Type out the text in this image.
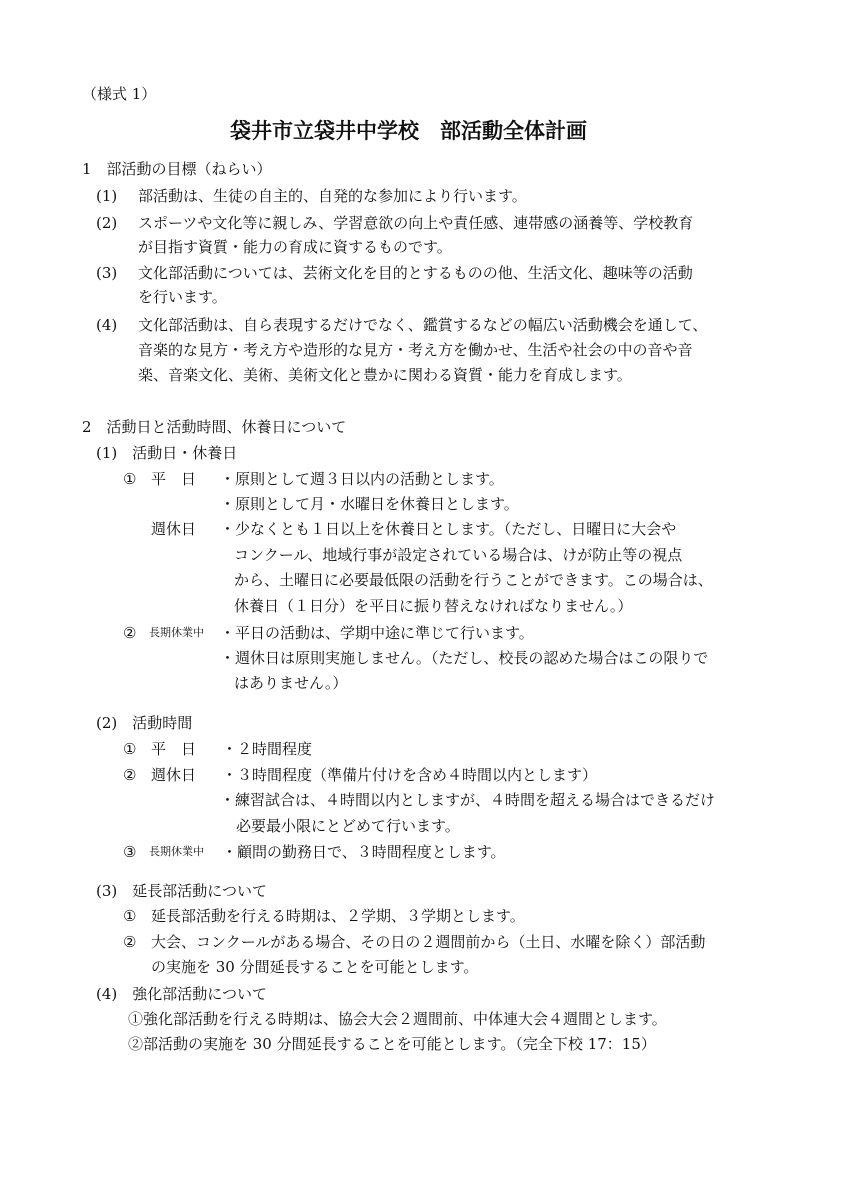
（様式 1）
袋井市立袋井中学校　部活動全体計画
1　部活動の目標（ねらい）
(1) 部活動は、生徒の自主的、自発的な参加により行います。
(2) スポーツや文化等に親しみ、学習意欲の向上や責任感、連帯感の涵養等、学校教育
が目指す資質・能力の育成に資するものです。
(3) 文化部活動については、芸術文化を目的とするものの他、生活文化、趣味等の活動
を行います。
(4) 文化部活動は、自ら表現するだけでなく、鑑賞するなどの幅広い活動機会を通して、
音楽的な見方・考え方や造形的な見方・考え方を働かせ、生活や社会の中の音や音
楽、音楽文化、美術、美術文化と豊かに関わる資質・能力を育成します。
2　活動日と活動時間、休養日について
(1)　活動日・休養日
① 平　日 ・原則として週３日以内の活動とします。
・原則として月・水曜日を休養日とします。
週休日 ・少なくとも１日以上を休養日とします。（ただし、日曜日に大会や
コンクール、地域行事が設定されている場合は、けが防止等の視点
から、土曜日に必要最低限の活動を行うことができます。この場合は、
休養日（１日分）を平日に振り替えなければなりません。）
② 長期休業中 ・平日の活動は、学期中途に準じて行います。
・週休日は原則実施しません。（ただし、校長の認めた場合はこの限りで
はありません。）
(2)　活動時間
① 平　日 ・２時間程度
② 週休日 ・３時間程度（準備片付けを含め４時間以内とします）
・練習試合は、４時間以内としますが、４時間を超える場合はできるだけ
必要最小限にとどめて行います。
③ 長期休業中 ・顧問の勤務日で、３時間程度とします。
(3)　延長部活動について
① 延長部活動を行える時期は、２学期、３学期とします。
② 大会、コンクールがある場合、その日の２週間前から（土日、水曜を除く）部活動
の実施を 30 分間延長することを可能とします。
(4)　強化部活動について
①強化部活動を行える時期は、協会大会２週間前、中体連大会４週間とします。
②部活動の実施を 30 分間延長することを可能とします。（完全下校 17：15）
